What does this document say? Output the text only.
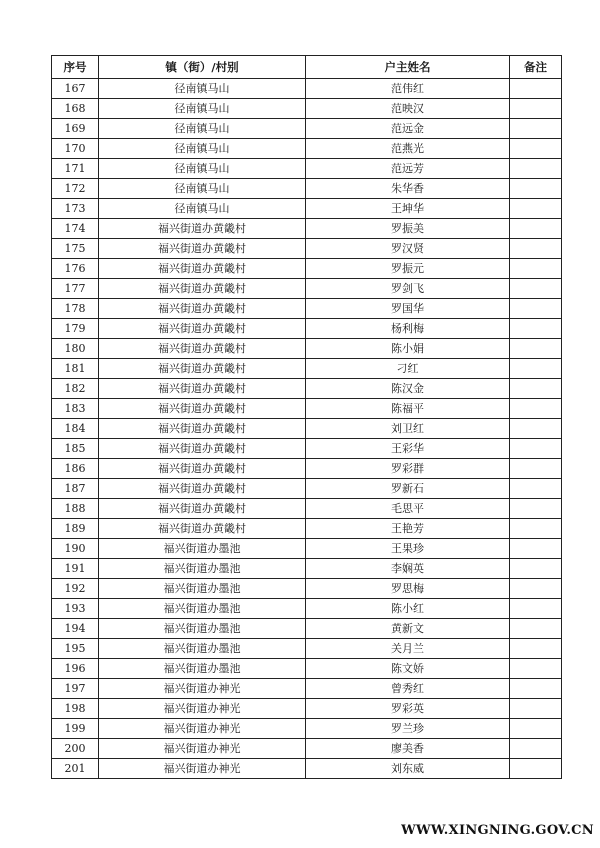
序号	镇（街）/村别	户主姓名	备注
167	径南镇马山	范伟红	
168	径南镇马山	范映汉	
169	径南镇马山	范远金	
170	径南镇马山	范燕光	
171	径南镇马山	范远芳	
172	径南镇马山	朱华香	
173	径南镇马山	王坤华	
174	福兴街道办黄畿村	罗振美	
175	福兴街道办黄畿村	罗汉贤	
176	福兴街道办黄畿村	罗振元	
177	福兴街道办黄畿村	罗剑飞	
178	福兴街道办黄畿村	罗国华	
179	福兴街道办黄畿村	杨利梅	
180	福兴街道办黄畿村	陈小娟	
181	福兴街道办黄畿村	刁红	
182	福兴街道办黄畿村	陈汉金	
183	福兴街道办黄畿村	陈福平	
184	福兴街道办黄畿村	刘卫红	
185	福兴街道办黄畿村	王彩华	
186	福兴街道办黄畿村	罗彩群	
187	福兴街道办黄畿村	罗新石	
188	福兴街道办黄畿村	毛思平	
189	福兴街道办黄畿村	王艳芳	
190	福兴街道办墨池	王果珍	
191	福兴街道办墨池	李娴英	
192	福兴街道办墨池	罗思梅	
193	福兴街道办墨池	陈小红	
194	福兴街道办墨池	黄新文	
195	福兴街道办墨池	关月兰	
196	福兴街道办墨池	陈文娇	
197	福兴街道办神光	曾秀红	
198	福兴街道办神光	罗彩英	
199	福兴街道办神光	罗兰珍	
200	福兴街道办神光	廖美香	
201	福兴街道办神光	刘东威	
WWW.XINGNING.GOV.CN
